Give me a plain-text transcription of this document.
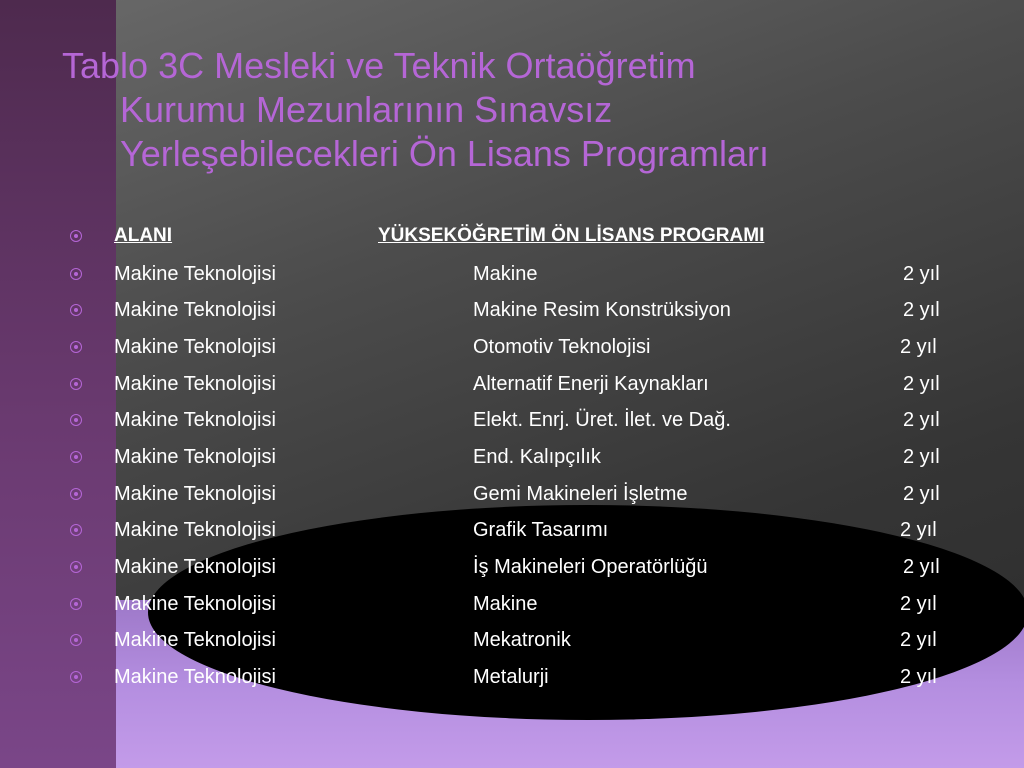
Tablo 3C Mesleki ve Teknik Ortaöğretim
Kurumu Mezunlarının Sınavsız
Yerleşebilecekleri Ön Lisans Programları
ALANI	YÜKSEKÖĞRETİM ÖN LİSANS PROGRAMI
Makine Teknolojisi	Makine	2 yıl
Makine Teknolojisi	Makine Resim Konstrüksiyon	2 yıl
Makine Teknolojisi	Otomotiv Teknolojisi	2 yıl
Makine Teknolojisi	Alternatif Enerji Kaynakları	2 yıl
Makine Teknolojisi	Elekt. Enrj. Üret. İlet. ve Dağ.	2 yıl
Makine Teknolojisi	End. Kalıpçılık	2 yıl
Makine Teknolojisi	Gemi Makineleri İşletme	2 yıl
Makine Teknolojisi	Grafik Tasarımı	2 yıl
Makine Teknolojisi	İş Makineleri Operatörlüğü	2 yıl
Makine Teknolojisi	Makine	2 yıl
Makine Teknolojisi	Mekatronik	2 yıl
Makine Teknolojisi	Metalurji	2 yıl
